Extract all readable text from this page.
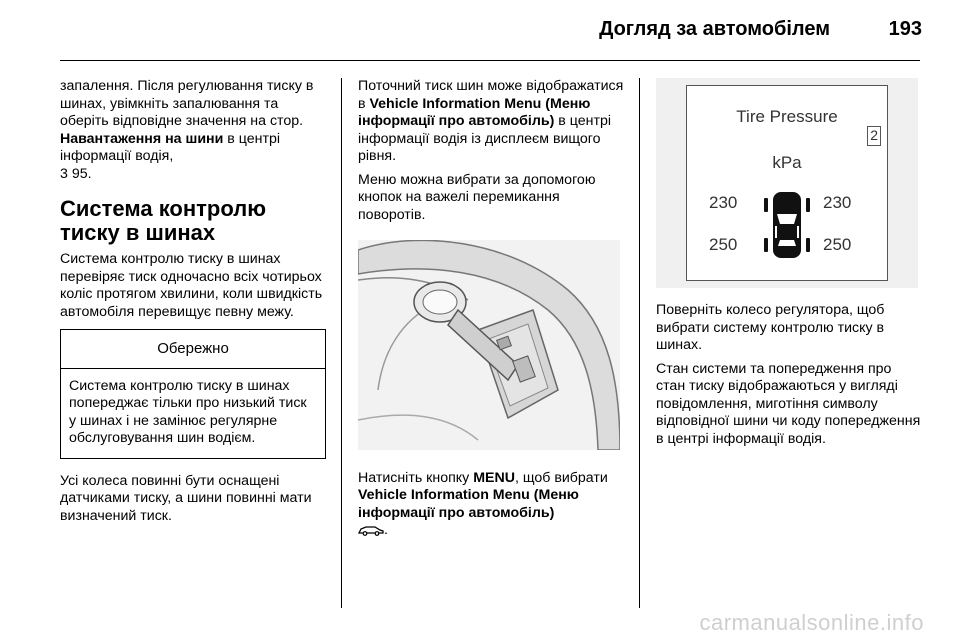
Догляд за автомобілем	193

запалення. Після регулювання тиску в шинах, увімкніть запалювання та оберіть відповідне значення на стор. Навантаження на шини в центрі інформації водія,
3 95.

Система контролю тиску в шинах

Система контролю тиску в шинах перевіряє тиск одночасно всіх чотирьох коліс протягом хвилини, коли швидкість автомобіля перевищує певну межу.

Обережно
Система контролю тиску в шинах попереджає тільки про низький тиск у шинах і не замінює регулярне обслуговування шин водієм.

Усі колеса повинні бути оснащені датчиками тиску, а шини повинні мати визначений тиск.

Поточний тиск шин може відображатися в Vehicle Information Menu (Меню інформації про автомобіль) в центрі інформації водія із дисплеєм вищого рівня.

Меню можна вибрати за допомогою кнопок на важелі перемикання поворотів.

Натисніть кнопку MENU, щоб вибрати Vehicle Information Menu (Меню інформації про автомобіль)
.

Tire Pressure
2
kPa
230	230
250	250

Поверніть колесо регулятора, щоб вибрати систему контролю тиску в шинах.

Стан системи та попередження про стан тиску відображаються у вигляді повідомлення, миготіння символу відповідної шини чи коду попередження в центрі інформації водія.

carmanualsonline.info
